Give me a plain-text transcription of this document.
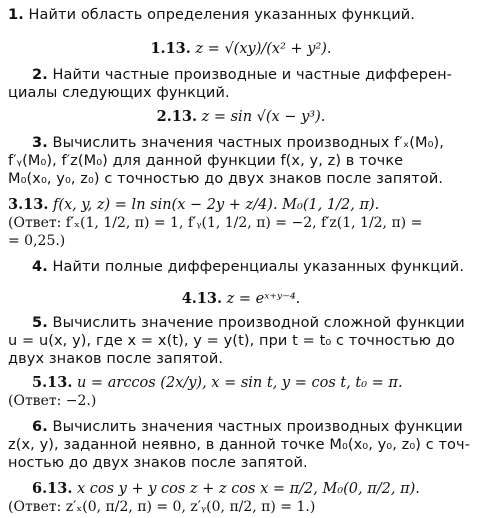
1. Найти область определения указанных функций.
1.13. z = √(xy)/(x² + y²).
2. Найти частные производные и частные дифферен-
циалы следующих функций.
2.13. z = sin √(x − y³).
3. Вычислить значения частных производных f′ₓ(M₀),
f′ᵧ(M₀), f′z(M₀) для данной функции f(x, y, z) в точке
M₀(x₀, y₀, z₀) с точностью до двух знаков после запятой.
3.13. f(x, y, z) = ln sin(x − 2y + z/4). M₀(1, 1/2, π).
(Ответ: f′ₓ(1, 1/2, π) = 1, f′ᵧ(1, 1/2, π) = −2, f′z(1, 1/2, π) =
= 0,25.)
4. Найти полные дифференциалы указанных функций.
4.13. z = eˣ⁺ʸ⁻⁴.
5. Вычислить значение производной сложной функции
u = u(x, y), где x = x(t), y = y(t), при t = t₀ с точностью до
двух знаков после запятой.
5.13. u = arccos (2x/y), x = sin t, y = cos t, t₀ = π.
(Ответ: −2.)
6. Вычислить значения частных производных функции
z(x, y), заданной неявно, в данной точке M₀(x₀, y₀, z₀) с точ-
ностью до двух знаков после запятой.
6.13. x cos y + y cos z + z cos x = π/2, M₀(0, π/2, π).
(Ответ: z′ₓ(0, π/2, π) = 0, z′ᵧ(0, π/2, π) = 1.)
